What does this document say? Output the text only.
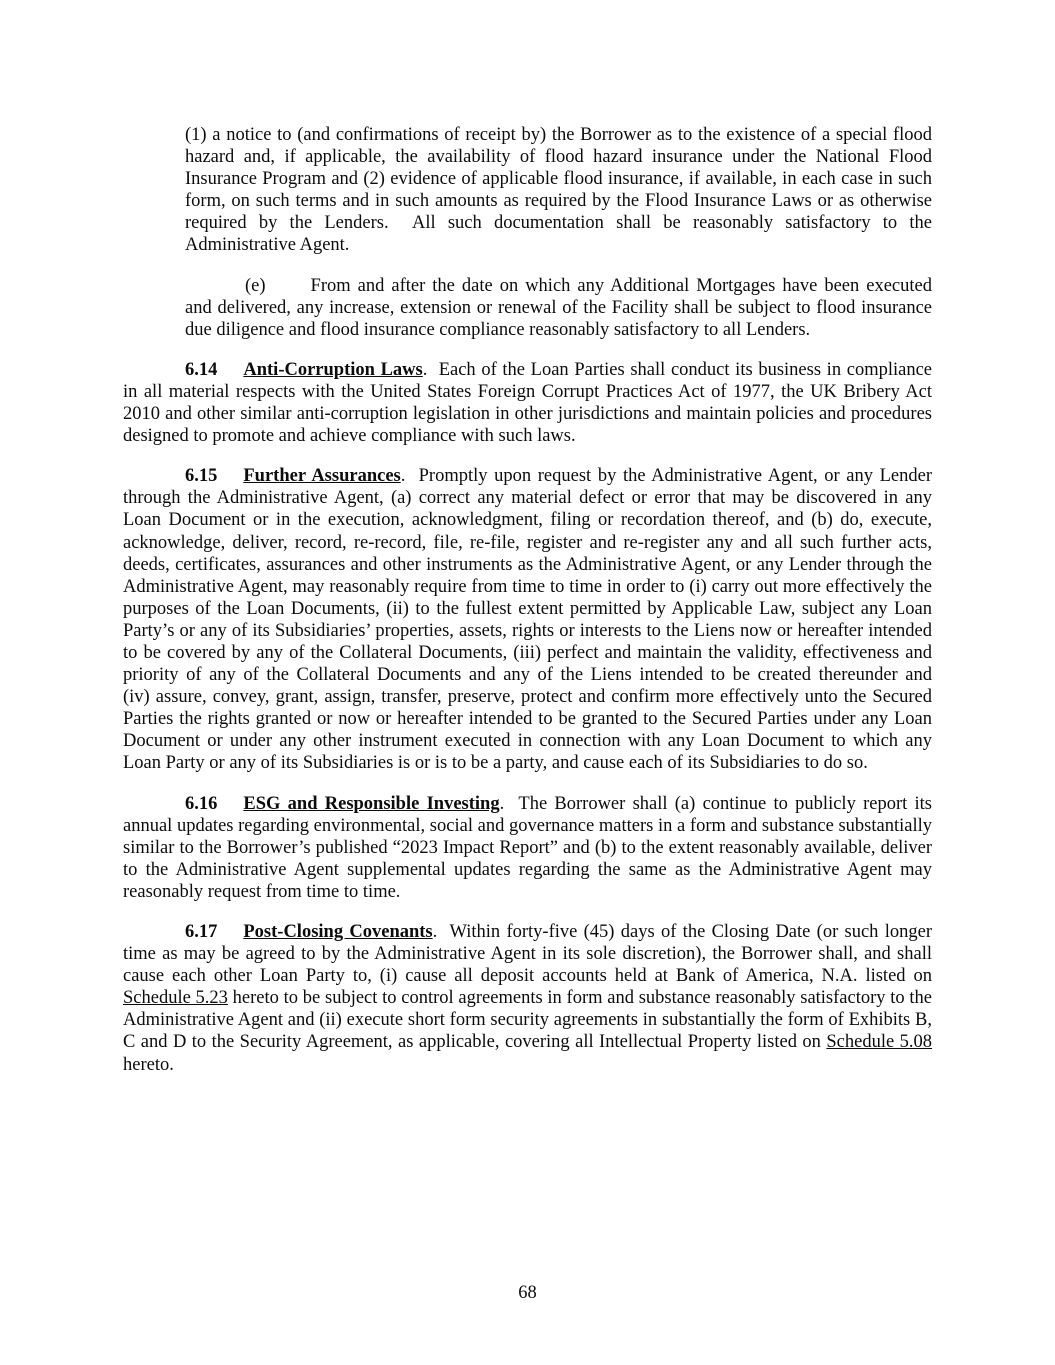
(1) a notice to (and confirmations of receipt by) the Borrower as to the existence of a special flood hazard and, if applicable, the availability of flood hazard insurance under the National Flood Insurance Program and (2) evidence of applicable flood insurance, if available, in each case in such form, on such terms and in such amounts as required by the Flood Insurance Laws or as otherwise required by the Lenders.  All such documentation shall be reasonably satisfactory to the Administrative Agent.

(e) From and after the date on which any Additional Mortgages have been executed and delivered, any increase, extension or renewal of the Facility shall be subject to flood insurance due diligence and flood insurance compliance reasonably satisfactory to all Lenders.

6.14 Anti-Corruption Laws.  Each of the Loan Parties shall conduct its business in compliance in all material respects with the United States Foreign Corrupt Practices Act of 1977, the UK Bribery Act 2010 and other similar anti-corruption legislation in other jurisdictions and maintain policies and procedures designed to promote and achieve compliance with such laws.

6.15 Further Assurances.  Promptly upon request by the Administrative Agent, or any Lender through the Administrative Agent, (a) correct any material defect or error that may be discovered in any Loan Document or in the execution, acknowledgment, filing or recordation thereof, and (b) do, execute, acknowledge, deliver, record, re-record, file, re-file, register and re-register any and all such further acts, deeds, certificates, assurances and other instruments as the Administrative Agent, or any Lender through the Administrative Agent, may reasonably require from time to time in order to (i) carry out more effectively the purposes of the Loan Documents, (ii) to the fullest extent permitted by Applicable Law, subject any Loan Party’s or any of its Subsidiaries’ properties, assets, rights or interests to the Liens now or hereafter intended to be covered by any of the Collateral Documents, (iii) perfect and maintain the validity, effectiveness and priority of any of the Collateral Documents and any of the Liens intended to be created thereunder and (iv) assure, convey, grant, assign, transfer, preserve, protect and confirm more effectively unto the Secured Parties the rights granted or now or hereafter intended to be granted to the Secured Parties under any Loan Document or under any other instrument executed in connection with any Loan Document to which any Loan Party or any of its Subsidiaries is or is to be a party, and cause each of its Subsidiaries to do so.

6.16 ESG and Responsible Investing.  The Borrower shall (a) continue to publicly report its annual updates regarding environmental, social and governance matters in a form and substance substantially similar to the Borrower’s published “2023 Impact Report” and (b) to the extent reasonably available, deliver to the Administrative Agent supplemental updates regarding the same as the Administrative Agent may reasonably request from time to time.

6.17 Post-Closing Covenants.  Within forty-five (45) days of the Closing Date (or such longer time as may be agreed to by the Administrative Agent in its sole discretion), the Borrower shall, and shall cause each other Loan Party to, (i) cause all deposit accounts held at Bank of America, N.A. listed on Schedule 5.23 hereto to be subject to control agreements in form and substance reasonably satisfactory to the Administrative Agent and (ii) execute short form security agreements in substantially the form of Exhibits B, C and D to the Security Agreement, as applicable, covering all Intellectual Property listed on Schedule 5.08 hereto.

68
